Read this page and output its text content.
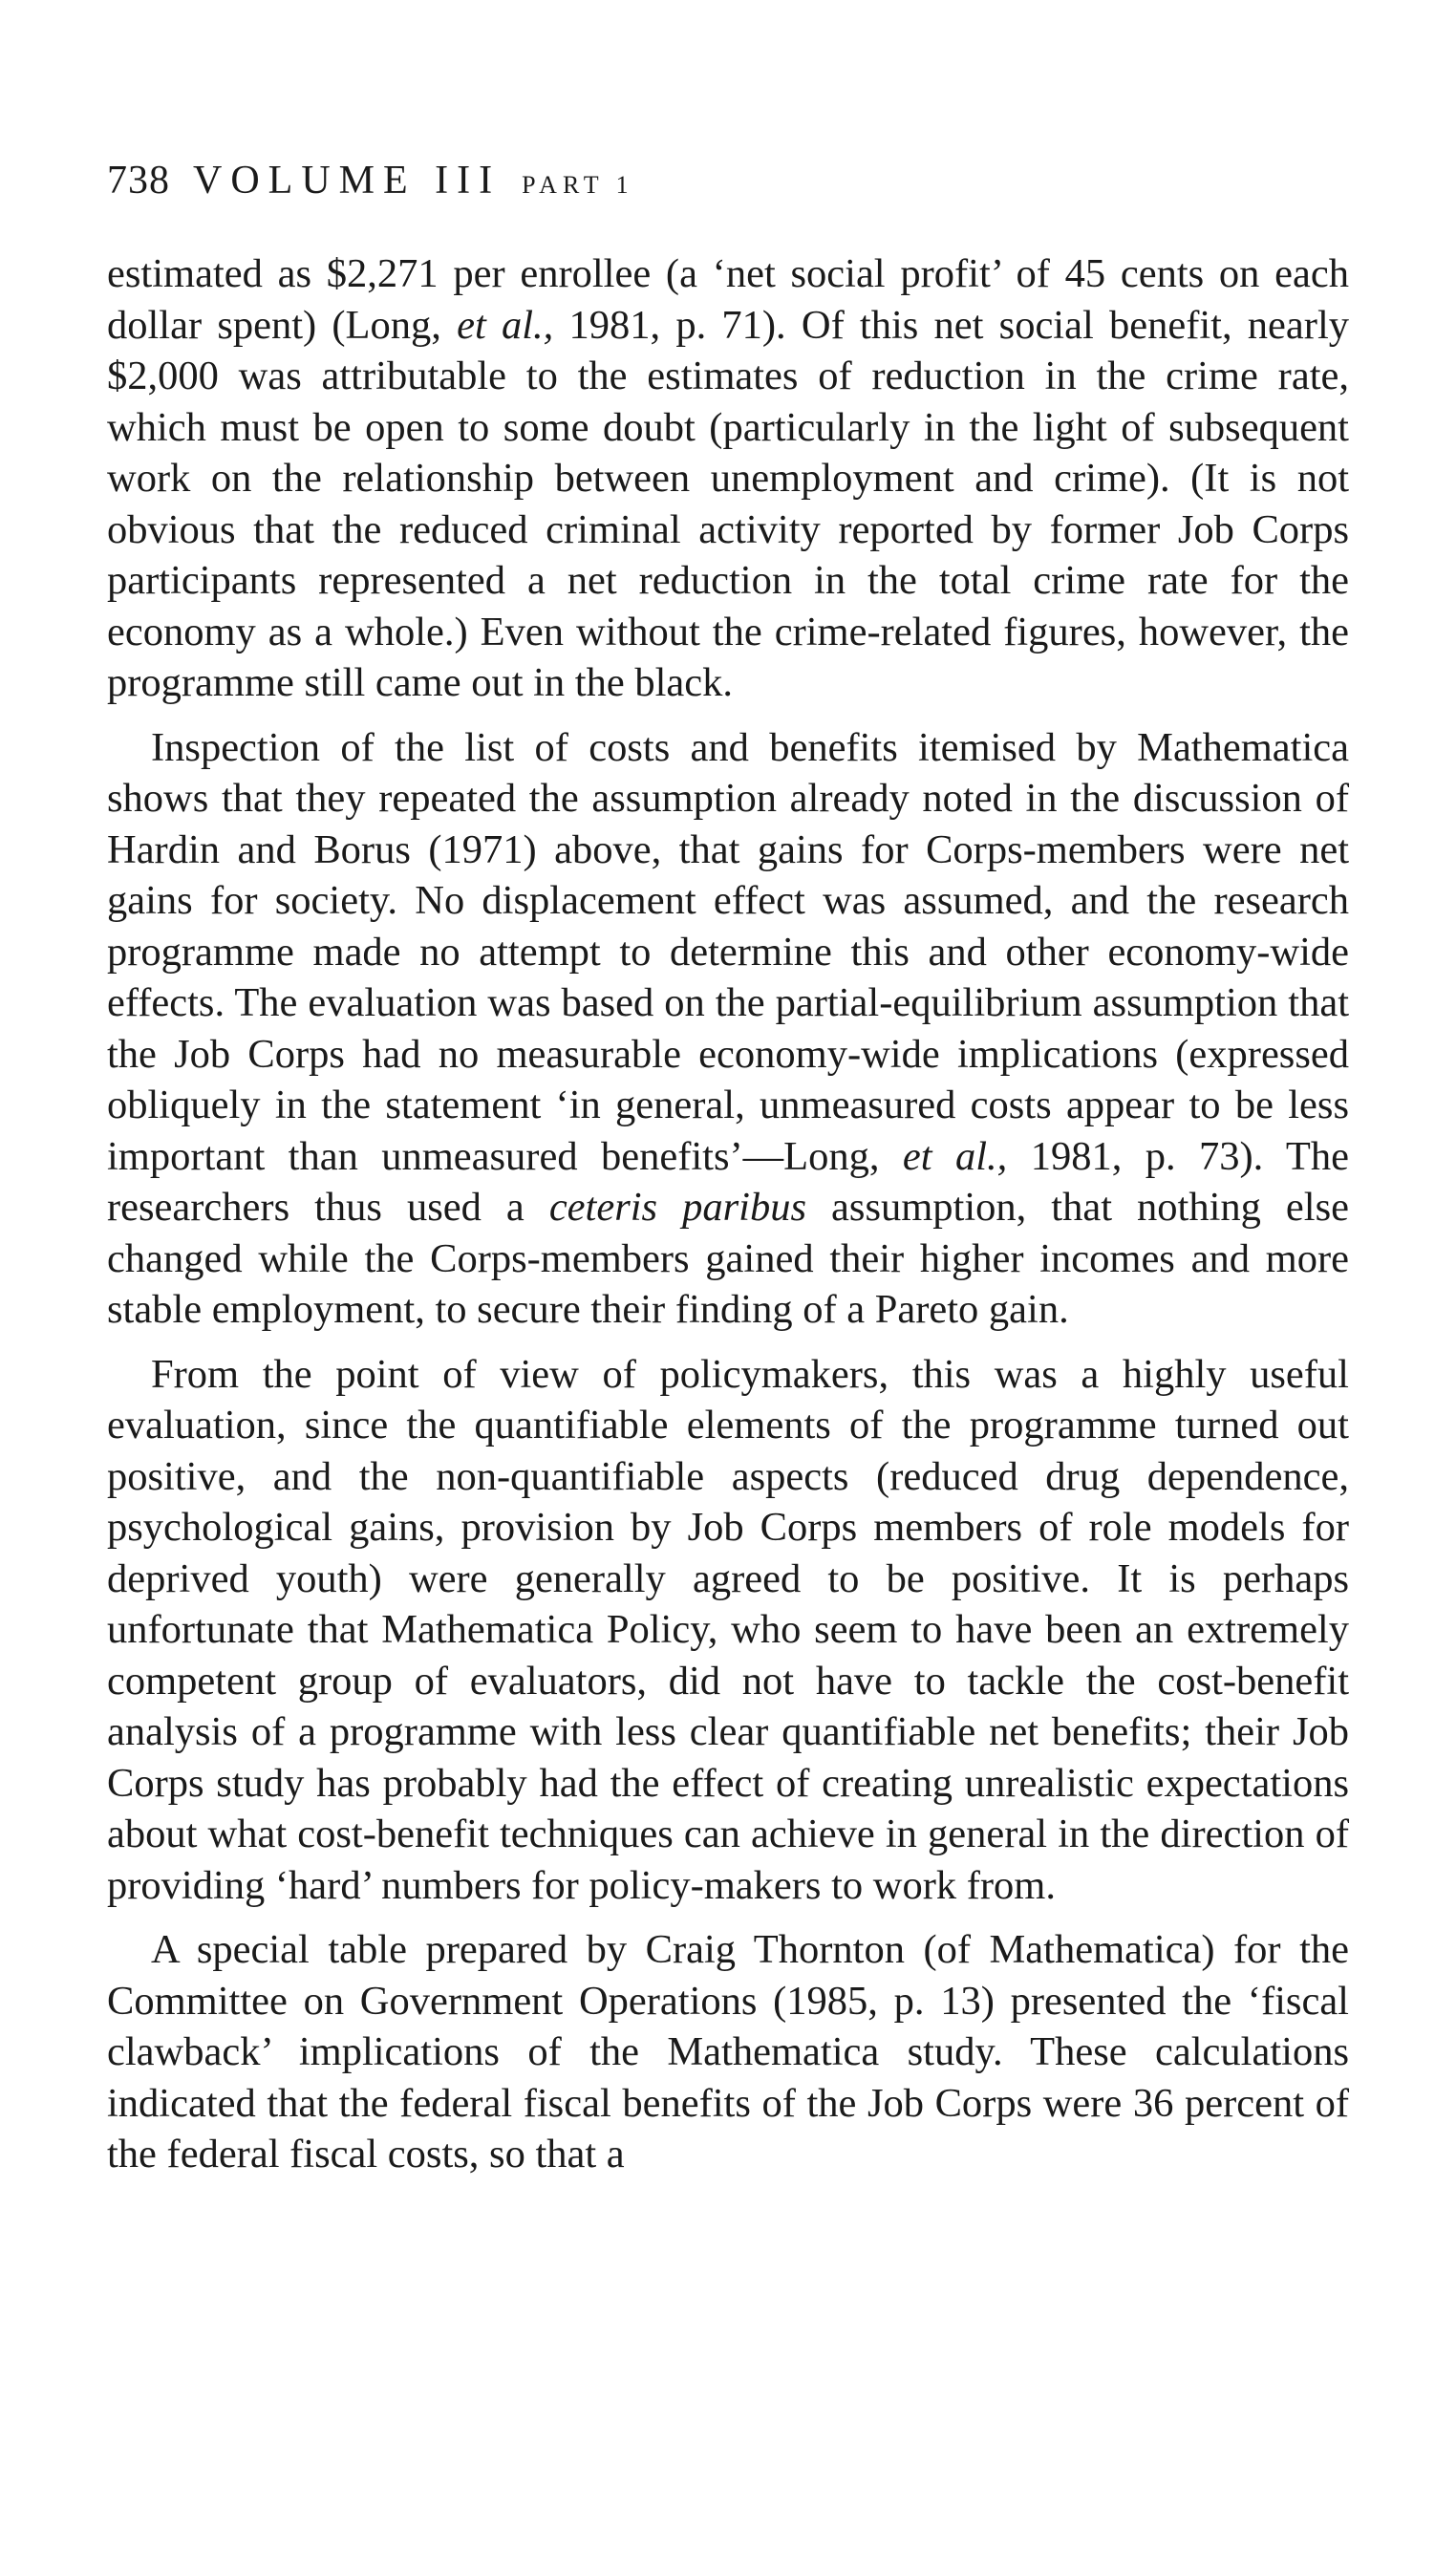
738 VOLUME III PART 1

estimated as $2,271 per enrollee (a ‘net social profit’ of 45 cents on each dollar spent) (Long, et al., 1981, p. 71). Of this net social benefit, nearly $2,000 was attributable to the estimates of reduction in the crime rate, which must be open to some doubt (particularly in the light of subsequent work on the relationship between unemployment and crime). (It is not obvious that the reduced criminal activity reported by former Job Corps participants represented a net reduction in the total crime rate for the economy as a whole.) Even without the crime-related figures, however, the programme still came out in the black.

Inspection of the list of costs and benefits itemised by Mathematica shows that they repeated the assumption already noted in the discussion of Hardin and Borus (1971) above, that gains for Corps-members were net gains for society. No displacement effect was assumed, and the research programme made no attempt to determine this and other economy-wide effects. The evaluation was based on the partial-equilibrium assumption that the Job Corps had no measurable economy-wide implications (expressed obliquely in the statement ‘in general, unmeasured costs appear to be less important than unmeasured benefits’—Long, et al., 1981, p. 73). The researchers thus used a ceteris paribus assumption, that nothing else changed while the Corps-members gained their higher incomes and more stable employment, to secure their finding of a Pareto gain.

From the point of view of policymakers, this was a highly useful evaluation, since the quantifiable elements of the programme turned out positive, and the non-quantifiable aspects (reduced drug dependence, psychological gains, provision by Job Corps members of role models for deprived youth) were generally agreed to be positive. It is perhaps unfortunate that Mathematica Policy, who seem to have been an extremely competent group of evaluators, did not have to tackle the cost-benefit analysis of a programme with less clear quantifiable net benefits; their Job Corps study has probably had the effect of creating unrealistic expectations about what cost-benefit techniques can achieve in general in the direction of providing ‘hard’ numbers for policy-makers to work from.

A special table prepared by Craig Thornton (of Mathematica) for the Committee on Government Operations (1985, p. 13) presented the ‘fiscal clawback’ implications of the Mathematica study. These calculations indicated that the federal fiscal benefits of the Job Corps were 36 percent of the federal fiscal costs, so that a
